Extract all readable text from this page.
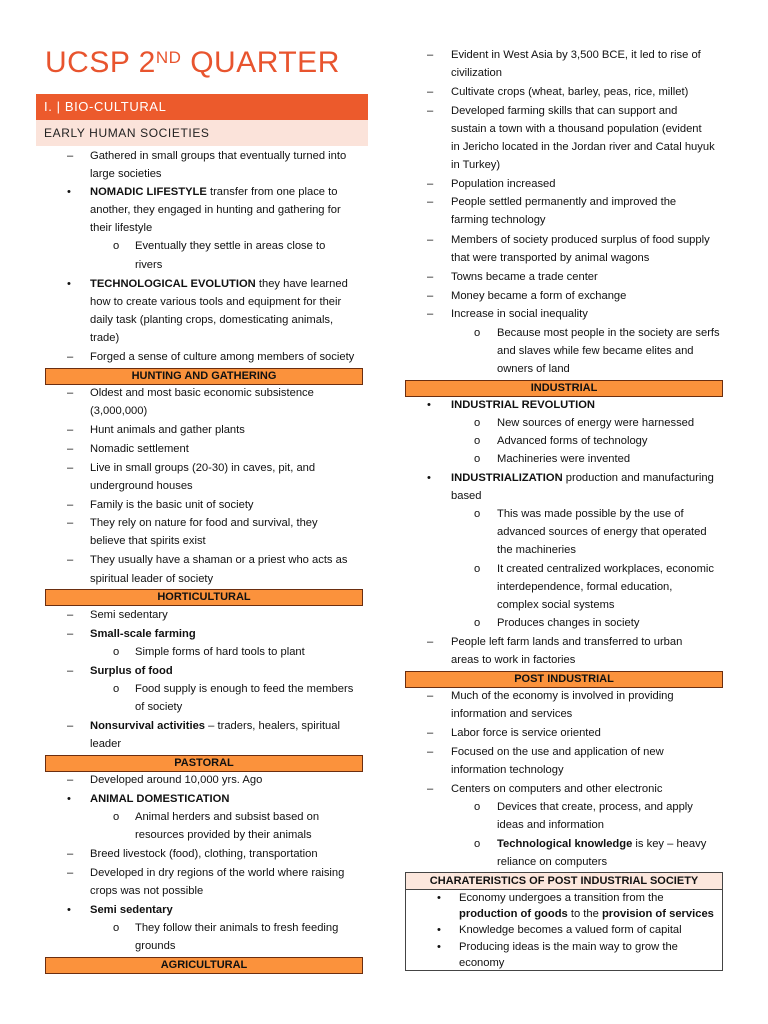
UCSP 2ND QUARTER
I. | BIO-CULTURAL
EARLY HUMAN SOCIETIES
– Gathered in small groups that eventually turned into
large societies
• NOMADIC LIFESTYLE transfer from one place to
another, they engaged in hunting and gathering for
their lifestyle
o Eventually they settle in areas close to
rivers
• TECHNOLOGICAL EVOLUTION they have learned
how to create various tools and equipment for their
daily task (planting crops, domesticating animals,
trade)
– Forged a sense of culture among members of society
HUNTING AND GATHERING
– Oldest and most basic economic subsistence
(3,000,000)
– Hunt animals and gather plants
– Nomadic settlement
– Live in small groups (20-30) in caves, pit, and
underground houses
– Family is the basic unit of society
– They rely on nature for food and survival, they
believe that spirits exist
– They usually have a shaman or a priest who acts as
spiritual leader of society
HORTICULTURAL
– Semi sedentary
– Small-scale farming
o Simple forms of hard tools to plant
– Surplus of food
o Food supply is enough to feed the members
of society
– Nonsurvival activities – traders, healers, spiritual
leader
PASTORAL
– Developed around 10,000 yrs. Ago
• ANIMAL DOMESTICATION
o Animal herders and subsist based on
resources provided by their animals
– Breed livestock (food), clothing, transportation
– Developed in dry regions of the world where raising
crops was not possible
• Semi sedentary
o They follow their animals to fresh feeding
grounds
AGRICULTURAL
– Evident in West Asia by 3,500 BCE, it led to rise of
civilization
– Cultivate crops (wheat, barley, peas, rice, millet)
– Developed farming skills that can support and
sustain a town with a thousand population (evident
in Jericho located in the Jordan river and Catal huyuk
in Turkey)
– Population increased
– People settled permanently and improved the
farming technology
– Members of society produced surplus of food supply
that were transported by animal wagons
– Towns became a trade center
– Money became a form of exchange
– Increase in social inequality
o Because most people in the society are serfs
and slaves while few became elites and
owners of land
INDUSTRIAL
• INDUSTRIAL REVOLUTION
o New sources of energy were harnessed
o Advanced forms of technology
o Machineries were invented
• INDUSTRIALIZATION production and manufacturing
based
o This was made possible by the use of
advanced sources of energy that operated
the machineries
o It created centralized workplaces, economic
interdependence, formal education,
complex social systems
o Produces changes in society
– People left farm lands and transferred to urban
areas to work in factories
POST INDUSTRIAL
– Much of the economy is involved in providing
information and services
– Labor force is service oriented
– Focused on the use and application of new
information technology
– Centers on computers and other electronic
o Devices that create, process, and apply
ideas and information
o Technological knowledge is key – heavy
reliance on computers
CHARATERISTICS OF POST INDUSTRIAL SOCIETY
• Economy undergoes a transition from the
production of goods to the provision of services
• Knowledge becomes a valued form of capital
• Producing ideas is the main way to grow the
economy
